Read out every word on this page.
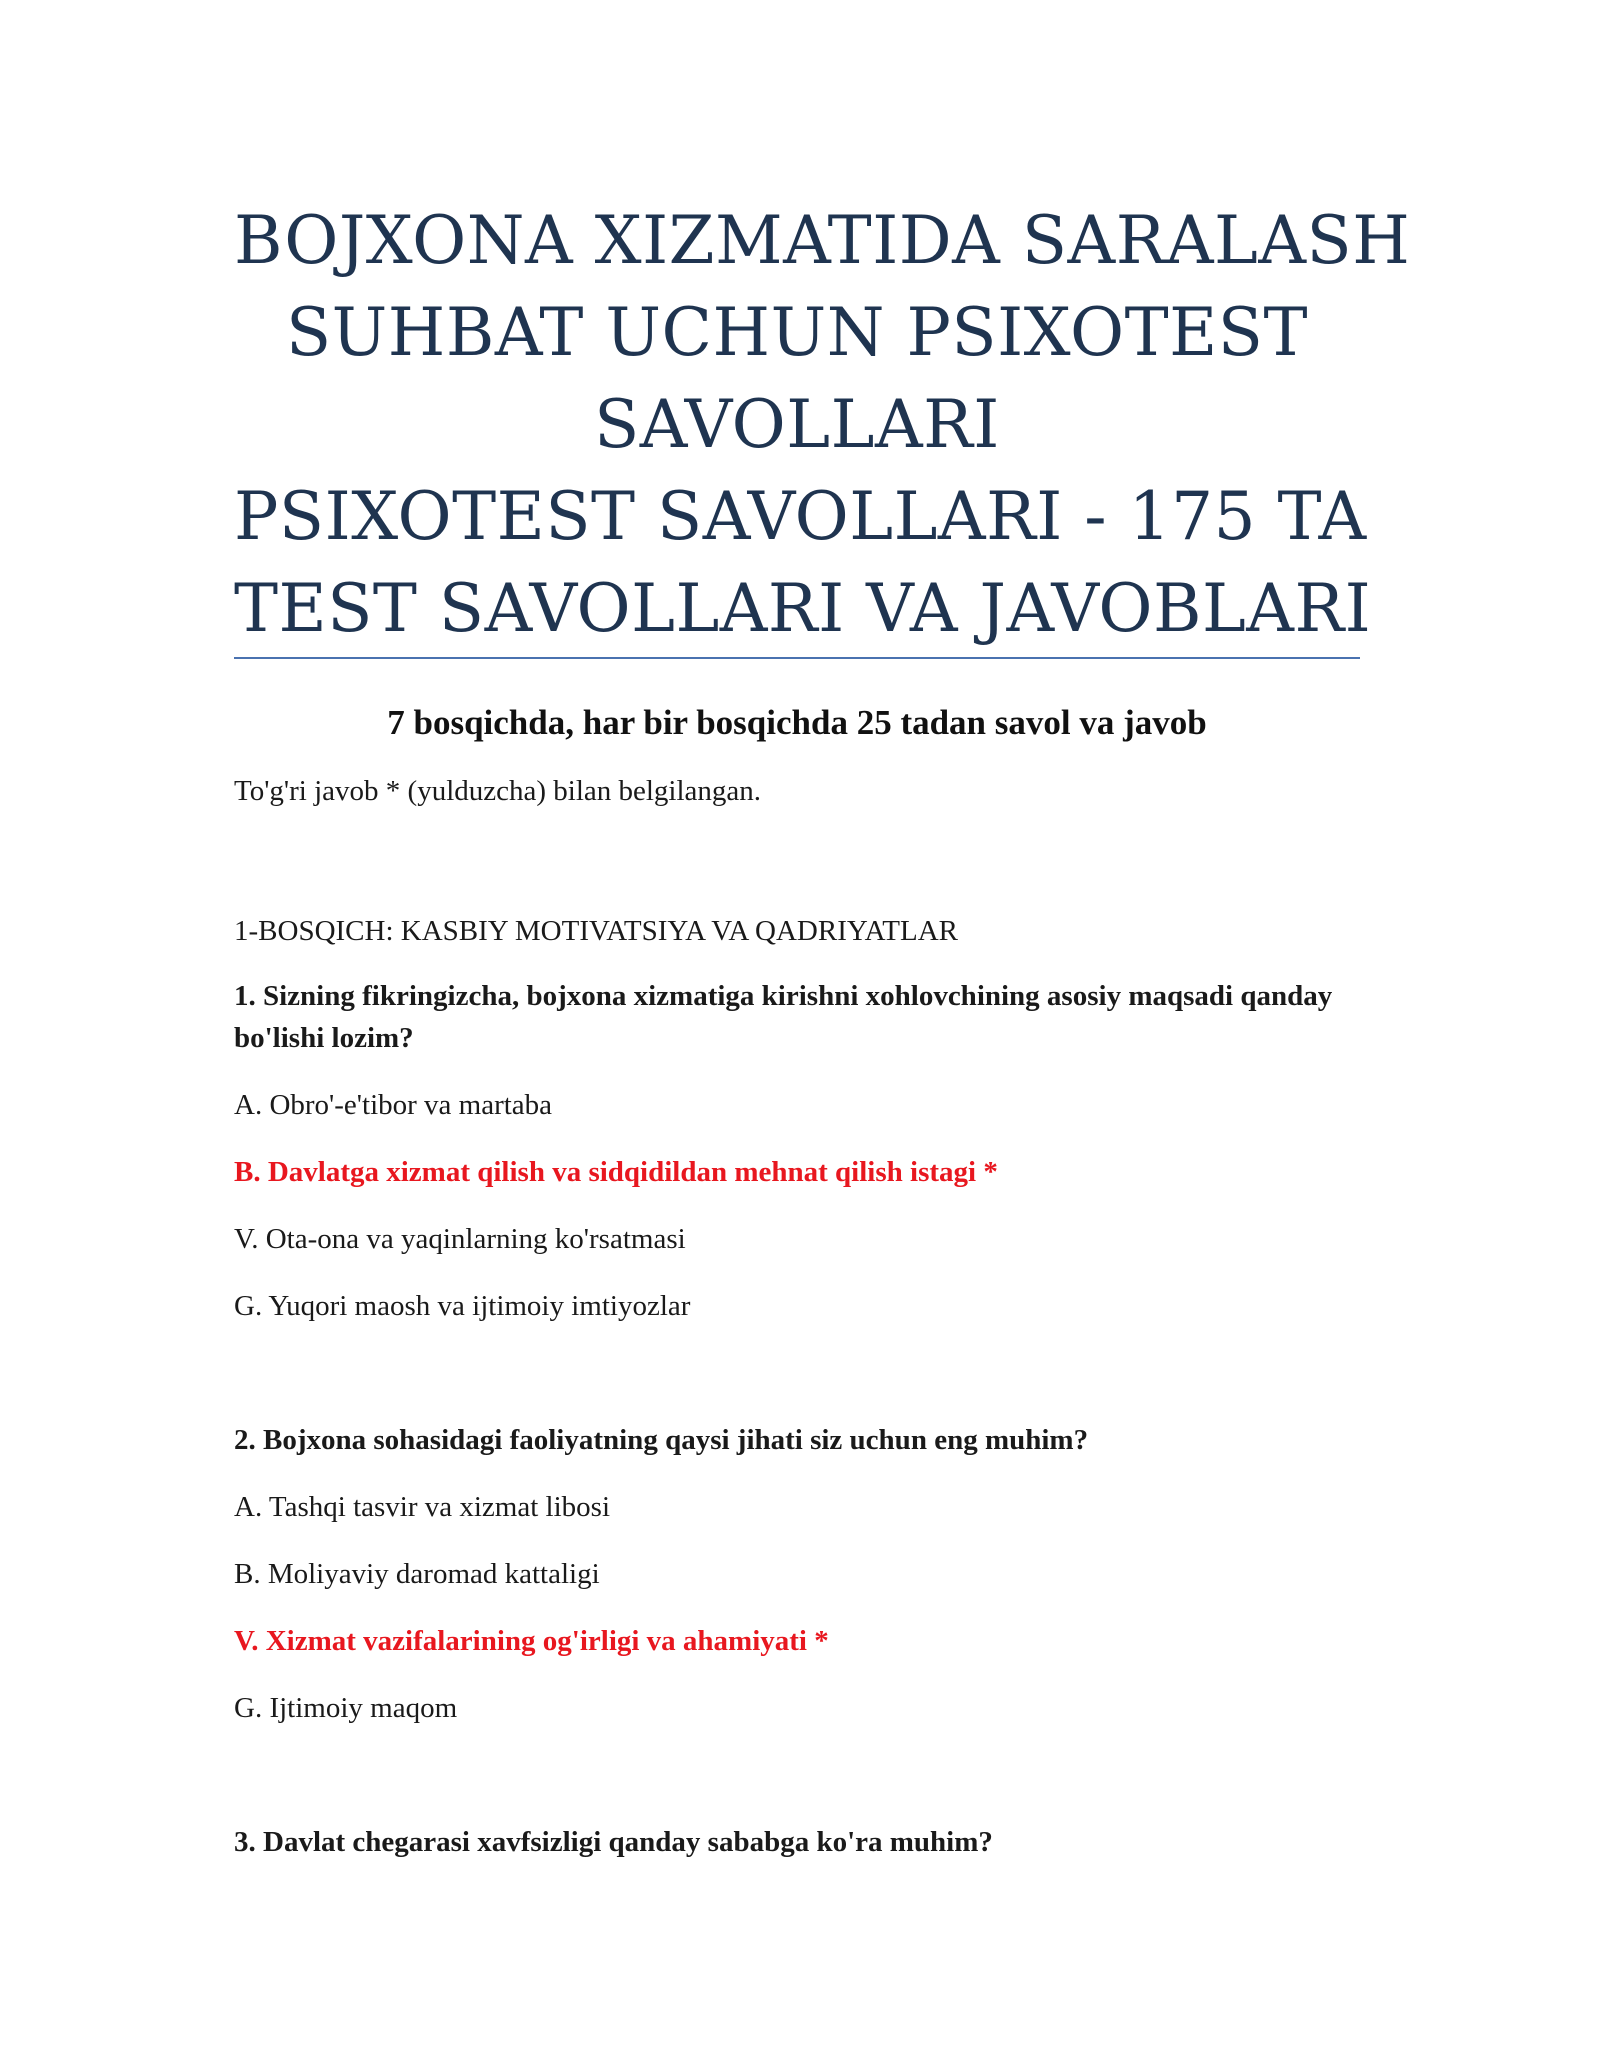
BOJXONA XIZMATIDA SARALASH
SUHBAT UCHUN PSIXOTEST
SAVOLLARI
PSIXOTEST SAVOLLARI - 175 TA
TEST SAVOLLARI VA JAVOBLARI
7 bosqichda, har bir bosqichda 25 tadan savol va javob

To'g'ri javob * (yulduzcha) bilan belgilangan.

1-BOSQICH: KASBIY MOTIVATSIYA VA QADRIYATLAR

1. Sizning fikringizcha, bojxona xizmatiga kirishni xohlovchining asosiy maqsadi qanday bo'lishi lozim?

A. Obro'-e'tibor va martaba

B. Davlatga xizmat qilish va sidqidildan mehnat qilish istagi *

V. Ota-ona va yaqinlarning ko'rsatmasi

G. Yuqori maosh va ijtimoiy imtiyozlar

2. Bojxona sohasidagi faoliyatning qaysi jihati siz uchun eng muhim?

A. Tashqi tasvir va xizmat libosi

B. Moliyaviy daromad kattaligi

V. Xizmat vazifalarining og'irligi va ahamiyati *

G. Ijtimoiy maqom

3. Davlat chegarasi xavfsizligi qanday sababga ko'ra muhim?
